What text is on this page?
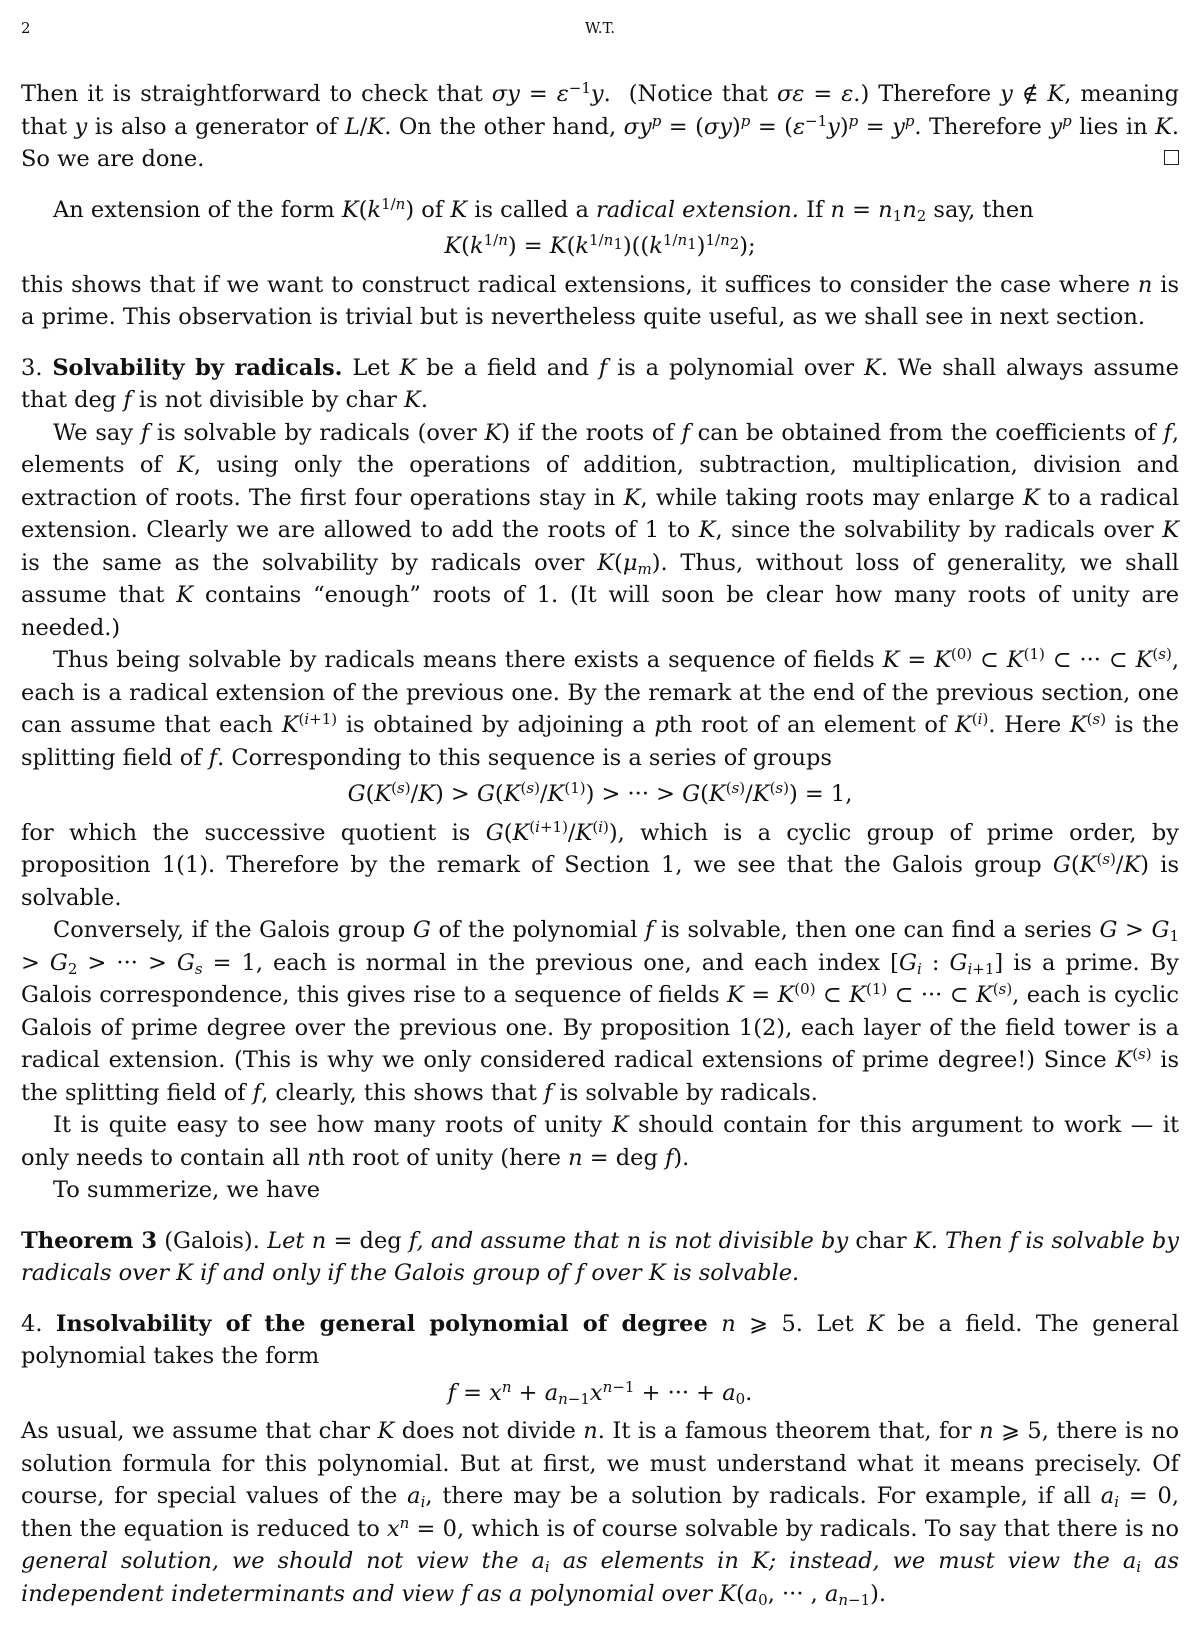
2	W.T.

Then it is straightforward to check that $\sigma y = \varepsilon^{-1}y$.  (Notice that σε = ε.) Therefore y ∉ K, meaning that y is also a generator of L/K. On the other hand, $\sigma y^p = (\sigma y)^p = (\varepsilon^{-1}y)^p = y^p$. Therefore $y^p$ lies in K. So we are done.

An extension of the form $K(k^{1/n})$ of K is called a radical extension. If $n = n_1n_2$ say, then

$K(k^{1/n}) = K(k^{1/n_1})((k^{1/n_1})^{1/n_2})$;

this shows that if we want to construct radical extensions, it suffices to consider the case where n is a prime. This observation is trivial but is nevertheless quite useful, as we shall see in next section.

3. Solvability by radicals. Let K be a field and f is a polynomial over K. We shall always assume that deg f is not divisible by char K.

We say f is solvable by radicals (over K) if the roots of f can be obtained from the coefficients of f, elements of K, using only the operations of addition, subtraction, multiplication, division and extraction of roots. The first four operations stay in K, while taking roots may enlarge K to a radical extension. Clearly we are allowed to add the roots of 1 to K, since the solvability by radicals over K is the same as the solvability by radicals over $K(\mu_m)$. Thus, without loss of generality, we shall assume that K contains “enough” roots of 1. (It will soon be clear how many roots of unity are needed.)

Thus being solvable by radicals means there exists a sequence of fields $K = K^{(0)}$ ⊂ $K^{(1)}$ ⊂ ··· ⊂ $K^{(s)}$, each is a radical extension of the previous one. By the remark at the end of the previous section, one can assume that each $K^{(i+1)}$ is obtained by adjoining a pth root of an element of $K^{(i)}$. Here $K^{(s)}$ is the splitting field of f. Corresponding to this sequence is a series of groups

$G(K^{(s)}/K) > G(K^{(s)}/K^{(1)})$ > ··· > $G(K^{(s)}/K^{(s)}) = 1$,

for which the successive quotient is $G(K^{(i+1)}/K^{(i)})$, which is a cyclic group of prime order, by proposition 1(1). Therefore by the remark of Section 1, we see that the Galois group $G(K^{(s)}/K)$ is solvable.

Conversely, if the Galois group G of the polynomial f is solvable, then one can find a series $G > G_1 > G_2$ > ··· > $G_s = 1$, each is normal in the previous one, and each index [$G_i$ : $G_{i+1}$] is a prime. By Galois correspondence, this gives rise to a sequence of fields $K = K^{(0)}$ ⊂ $K^{(1)}$ ⊂ ··· ⊂ $K^{(s)}$, each is cyclic Galois of prime degree over the previous one. By proposition 1(2), each layer of the field tower is a radical extension. (This is why we only considered radical extensions of prime degree!) Since $K^{(s)}$ is the splitting field of f, clearly, this shows that f is solvable by radicals.

It is quite easy to see how many roots of unity K should contain for this argument to work — it only needs to contain all nth root of unity (here n = deg f).

To summerize, we have

Theorem 3 (Galois). Let n = deg f, and assume that n is not divisible by char K. Then f is solvable by radicals over K if and only if the Galois group of f over K is solvable.

4. Insolvability of the general polynomial of degree n ⩾ 5. Let K be a field. The general polynomial takes the form

$f = x^n + a_{n-1}x^{n-1}$ + ··· + $a_0$.

As usual, we assume that char K does not divide n. It is a famous theorem that, for n ⩾ 5, there is no solution formula for this polynomial. But at first, we must understand what it means precisely. Of course, for special values of the $a_i$, there may be a solution by radicals. For example, if all $a_i = 0$, then the equation is reduced to $x^n = 0$, which is of course solvable by radicals. To say that there is no general solution, we should not view the $a_i$ as elements in K; instead, we must view the $a_i$ as independent indeterminants and view f as a polynomial over $K(a_0$, ··· , $a_{n-1}$).
